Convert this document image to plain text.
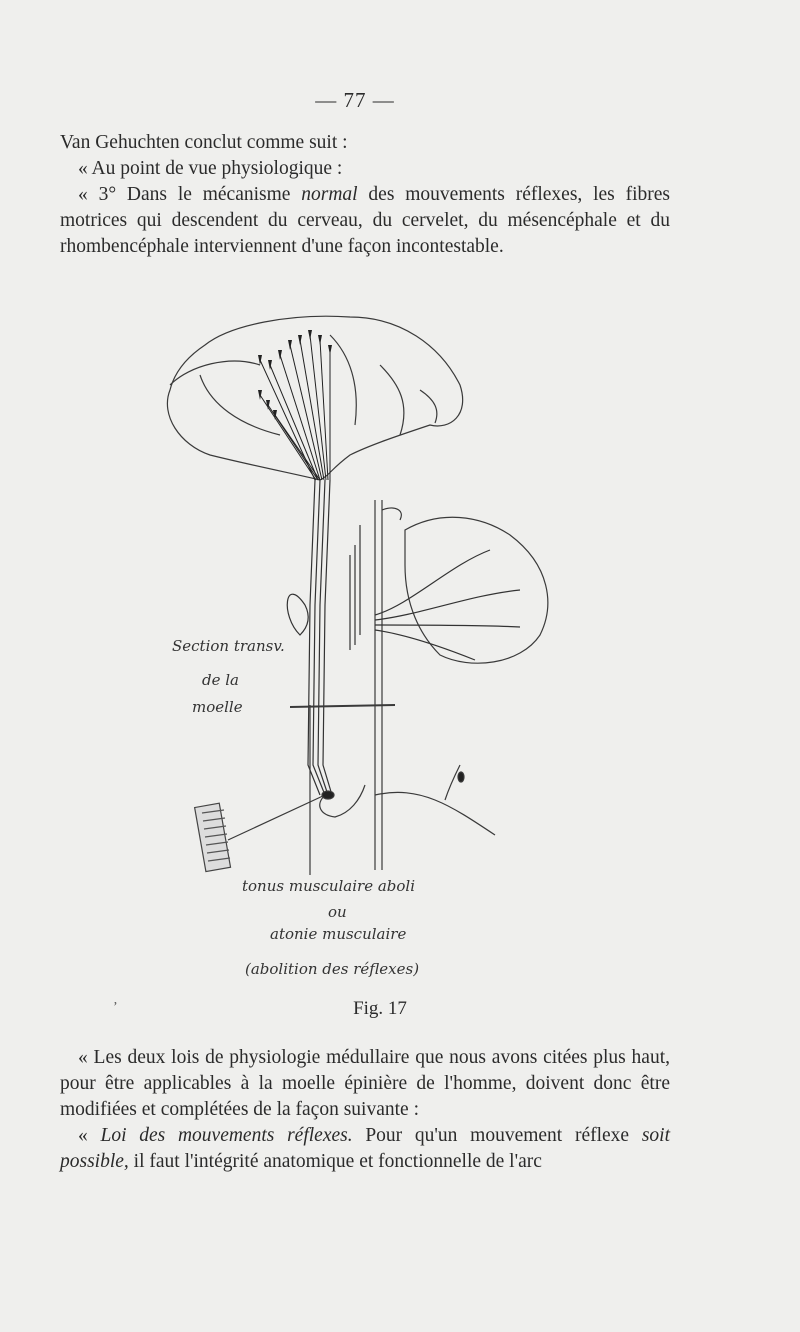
— 77 —

Van Gehuchten conclut comme suit :

« Au point de vue physiologique :

« 3° Dans le mécanisme normal des mouvements réflexes, les fibres motrices qui descendent du cerveau, du cervelet, du mésencéphale et du rhombencéphale interviennent d'une façon incontestable.

Section transv.
de la
moelle
tonus musculaire aboli
ou
atonie musculaire
(abolition des réflexes)
’	Fig. 17

« Les deux lois de physiologie médullaire que nous avons citées plus haut, pour être applicables à la moelle épinière de l'homme, doivent donc être modifiées et complétées de la façon suivante :

« Loi des mouvements réflexes. Pour qu'un mouvement réflexe soit possible, il faut l'intégrité anatomique et fonctionnelle de l'arc
